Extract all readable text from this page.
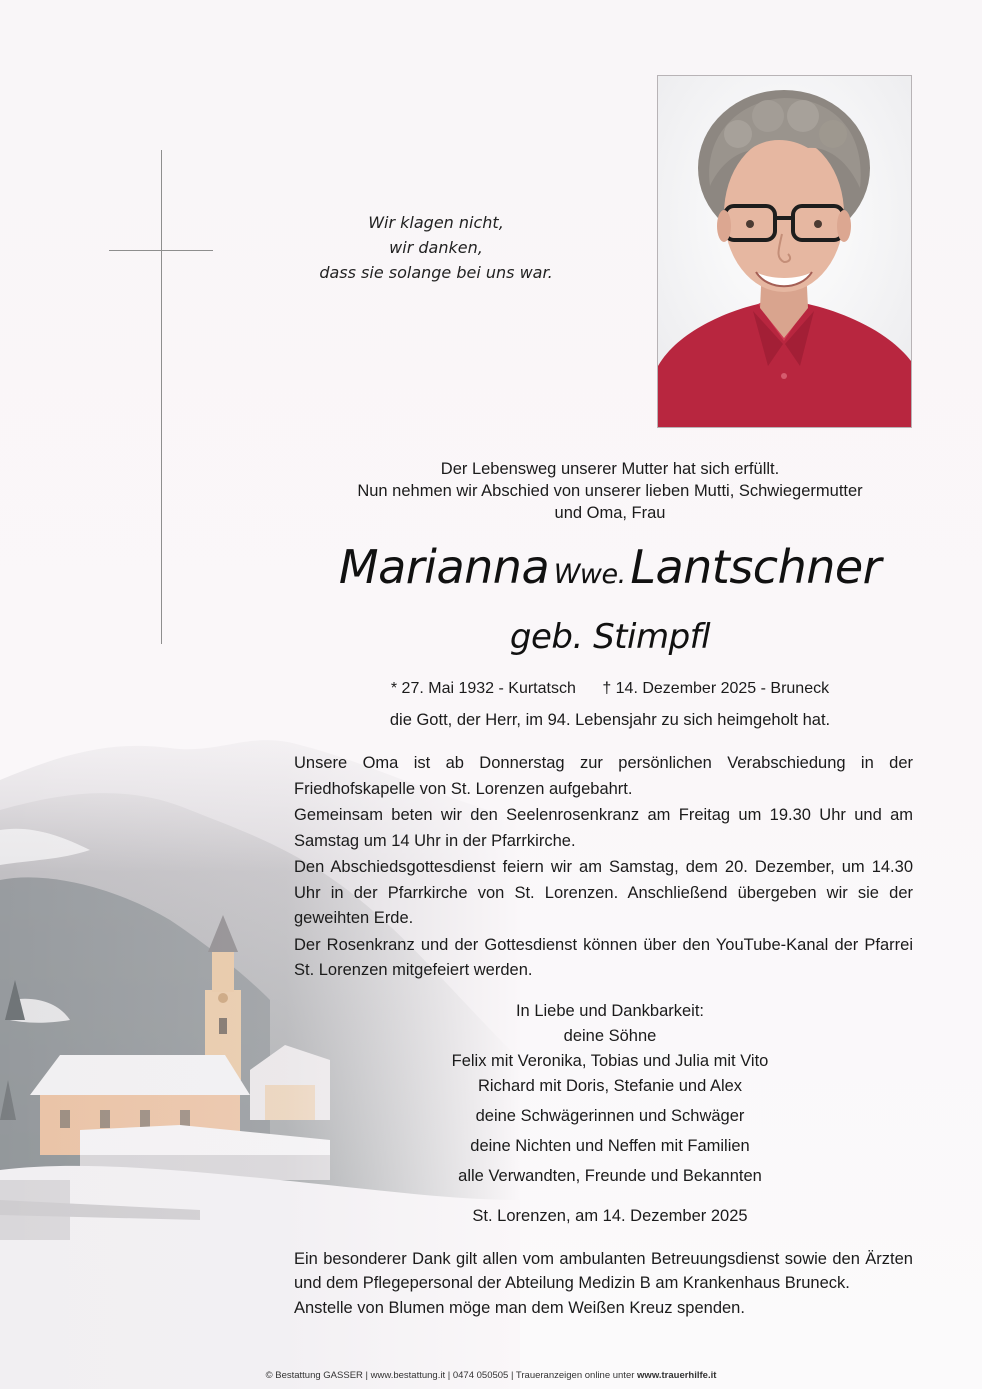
Wir klagen nicht,
wir danken,
dass sie solange bei uns war.
Der Lebensweg unserer Mutter hat sich erfüllt.
Nun nehmen wir Abschied von unserer lieben Mutti, Schwiegermutter
und Oma, Frau
Marianna Wwe. Lantschner
geb. Stimpfl
* 27. Mai 1932 - Kurtatsch † 14. Dezember 2025 - Bruneck
die Gott, der Herr, im 94. Lebensjahr zu sich heimgeholt hat.

Unsere Oma ist ab Donnerstag zur persönlichen Verabschiedung in der Friedhofskapelle von St. Lorenzen aufgebahrt.

Gemeinsam beten wir den Seelenrosenkranz am Freitag um 19.30 Uhr und am Samstag um 14 Uhr in der Pfarrkirche.

Den Abschiedsgottesdienst feiern wir am Samstag, dem 20. Dezember, um 14.30 Uhr in der Pfarrkirche von St. Lorenzen. Anschließend übergeben wir sie der geweihten Erde.

Der Rosenkranz und der Gottesdienst können über den YouTube-Kanal der Pfarrei St. Lorenzen mitgefeiert werden.

In Liebe und Dankbarkeit:
deine Söhne
Felix mit Veronika, Tobias und Julia mit Vito
Richard mit Doris, Stefanie und Alex
deine Schwägerinnen und Schwäger
deine Nichten und Neffen mit Familien
alle Verwandten, Freunde und Bekannten
St. Lorenzen, am 14. Dezember 2025

Ein besonderer Dank gilt allen vom ambulanten Betreuungsdienst sowie den Ärzten und dem Pflegepersonal der Abteilung Medizin B am Krankenhaus Bruneck.

Anstelle von Blumen möge man dem Weißen Kreuz spenden.

© Bestattung GASSER | www.bestattung.it | 0474 050505 | Traueranzeigen online unter www.trauerhilfe.it
